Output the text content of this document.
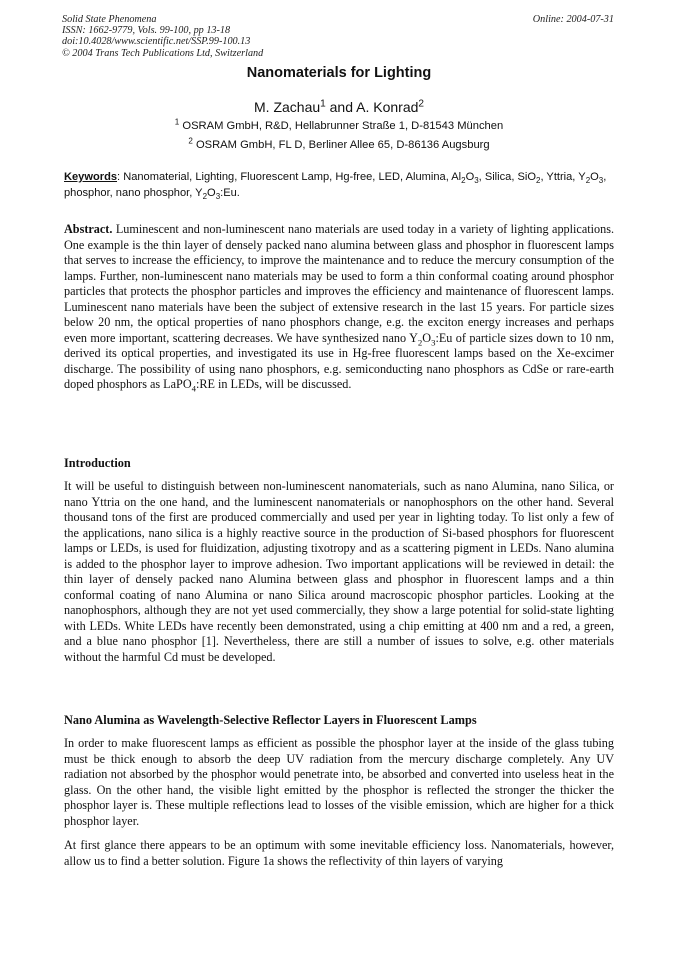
Solid State Phenomena
ISSN: 1662-9779, Vols. 99-100, pp 13-18
doi:10.4028/www.scientific.net/SSP.99-100.13
© 2004 Trans Tech Publications Ltd, Switzerland
Online: 2004-07-31
Nanomaterials for Lighting
M. Zachau$^1$ and A. Konrad$^2$
$^1$ OSRAM GmbH, R&D, Hellabrunner Straße 1, D-81543 München
$^2$ OSRAM GmbH, FL D, Berliner Allee 65, D-86136 Augsburg
Keywords: Nanomaterial, Lighting, Fluorescent Lamp, Hg-free, LED, Alumina, $Al_2O_3$, Silica, SiO$_2$, Yttria, $Y_2O_3$, phosphor, nano phosphor, $Y_2O_3:Eu$.
Abstract. Luminescent and non-luminescent nano materials are used today in a variety of lighting applications. One example is the thin layer of densely packed nano alumina between glass and phosphor in fluorescent lamps that serves to increase the efficiency, to improve the maintenance and to reduce the mercury consumption of the lamps. Further, non-luminescent nano materials may be used to form a thin conformal coating around phosphor particles that protects the phosphor particles and improves the efficiency and maintenance of fluorescent lamps. Luminescent nano materials have been the subject of extensive research in the last 15 years. For particle sizes below 20 nm, the optical properties of nano phosphors change, e.g. the exciton energy increases and perhaps even more important, scattering decreases. We have synthesized nano $Y_2O_3:Eu$ of particle sizes down to 10 nm, derived its optical properties, and investigated its use in Hg-free fluorescent lamps based on the Xe-excimer discharge. The possibility of using nano phosphors, e.g. semiconducting nano phosphors as CdSe or rare-earth doped phosphors as LaPO$_4$:RE in LEDs, will be discussed.
Introduction
It will be useful to distinguish between non-luminescent nanomaterials, such as nano Alumina, nano Silica, or nano Yttria on the one hand, and the luminescent nanomaterials or nanophosphors on the other hand. Several thousand tons of the first are produced commercially and used per year in lighting today. To list only a few of the applications, nano silica is a highly reactive source in the production of Si-based phosphors for fluorescent lamps or LEDs, is used for fluidization, adjusting tixotropy and as a scattering pigment in LEDs. Nano alumina is added to the phosphor layer to improve adhesion. Two important applications will be reviewed in detail: the thin layer of densely packed nano Alumina between glass and phosphor in fluorescent lamps and a thin conformal coating of nano Alumina or nano Silica around macroscopic phosphor particles. Looking at the nanophosphors, although they are not yet used commercially, they show a large potential for solid-state lighting with LEDs. White LEDs have recently been demonstrated, using a chip emitting at 400 nm and a red, a green, and a blue nano phosphor [1]. Nevertheless, there are still a number of issues to solve, e.g. other materials without the harmful Cd must be developed.
Nano Alumina as Wavelength-Selective Reflector Layers in Fluorescent Lamps
In order to make fluorescent lamps as efficient as possible the phosphor layer at the inside of the glass tubing must be thick enough to absorb the deep UV radiation from the mercury discharge completely. Any UV radiation not absorbed by the phosphor would penetrate into, be absorbed and converted into useless heat in the glass. On the other hand, the visible light emitted by the phosphor is reflected the stronger the thicker the phosphor layer is. These multiple reflections lead to losses of the visible emission, which are higher for a thick phosphor layer.
At first glance there appears to be an optimum with some inevitable efficiency loss. Nanomaterials, however, allow us to find a better solution. Figure 1a shows the reflectivity of thin layers of varying
